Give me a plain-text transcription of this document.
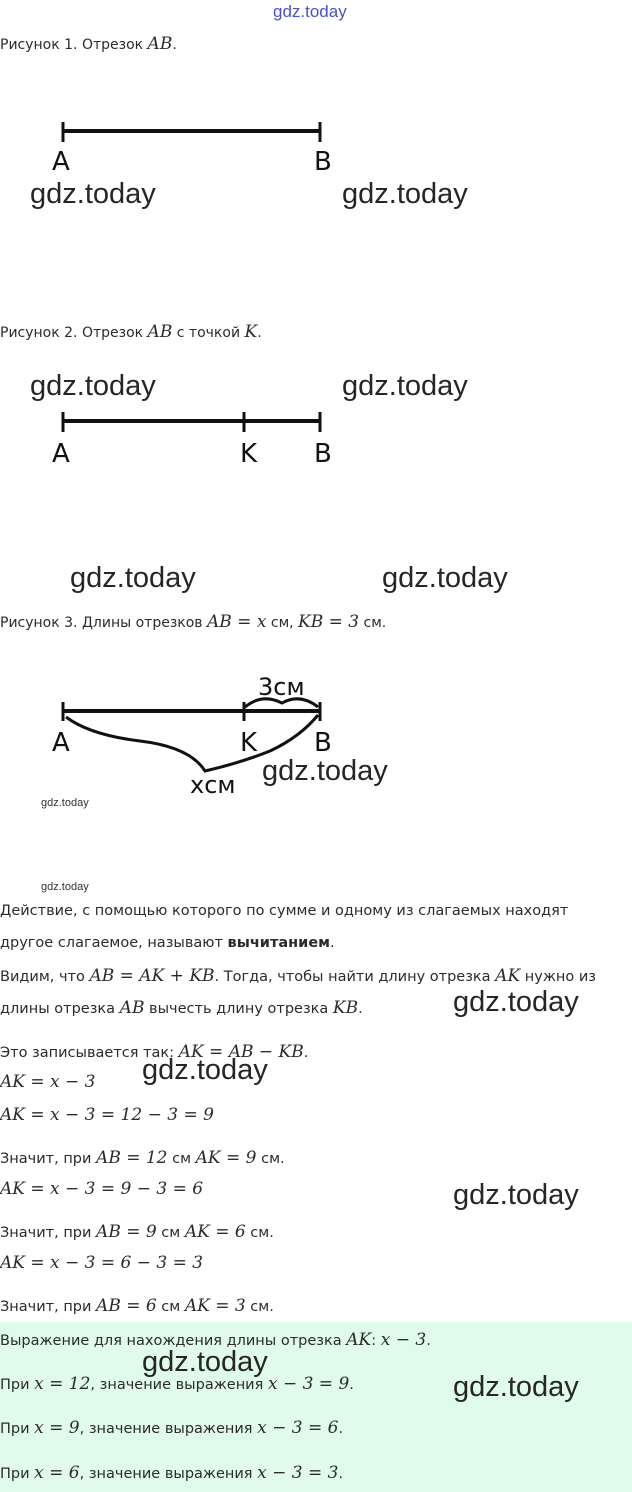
gdz.today
Рисунок 1. Отрезок AB.
A	B
gdz.today	gdz.today
Рисунок 2. Отрезок AB с точкой K.
gdz.today	gdz.today
A	K B
gdz.today	gdz.today
Рисунок 3. Длины отрезков AB = x см, KB = 3 см.
3см
A	K B
xсм gdz.today
gdz.today
gdz.today
Действие, с помощью которого по сумме и одному из слагаемых находят
другое слагаемое, называют вычитанием.
Видим, что AB = AK + KB. Тогда, чтобы найти длину отрезка AK нужно из
длины отрезка AB вычесть длину отрезка KB.	gdz.today
Это записывается так: AK = AB − KB.
AK = x − 3 gdz.today
AK = x − 3 = 12 − 3 = 9
Значит, при AB = 12 см AK = 9 см.
AK = x − 3 = 9 − 3 = 6	gdz.today
Значит, при AB = 9 см AK = 6 см.
AK = x − 3 = 6 − 3 = 3
Значит, при AB = 6 см AK = 3 см.
Выражение для нахождения длины отрезка AK: x − 3.
gdz.today
При x = 12, значение выражения x − 3 = 9.	gdz.today
При x = 9, значение выражения x − 3 = 6.
При x = 6, значение выражения x − 3 = 3.
